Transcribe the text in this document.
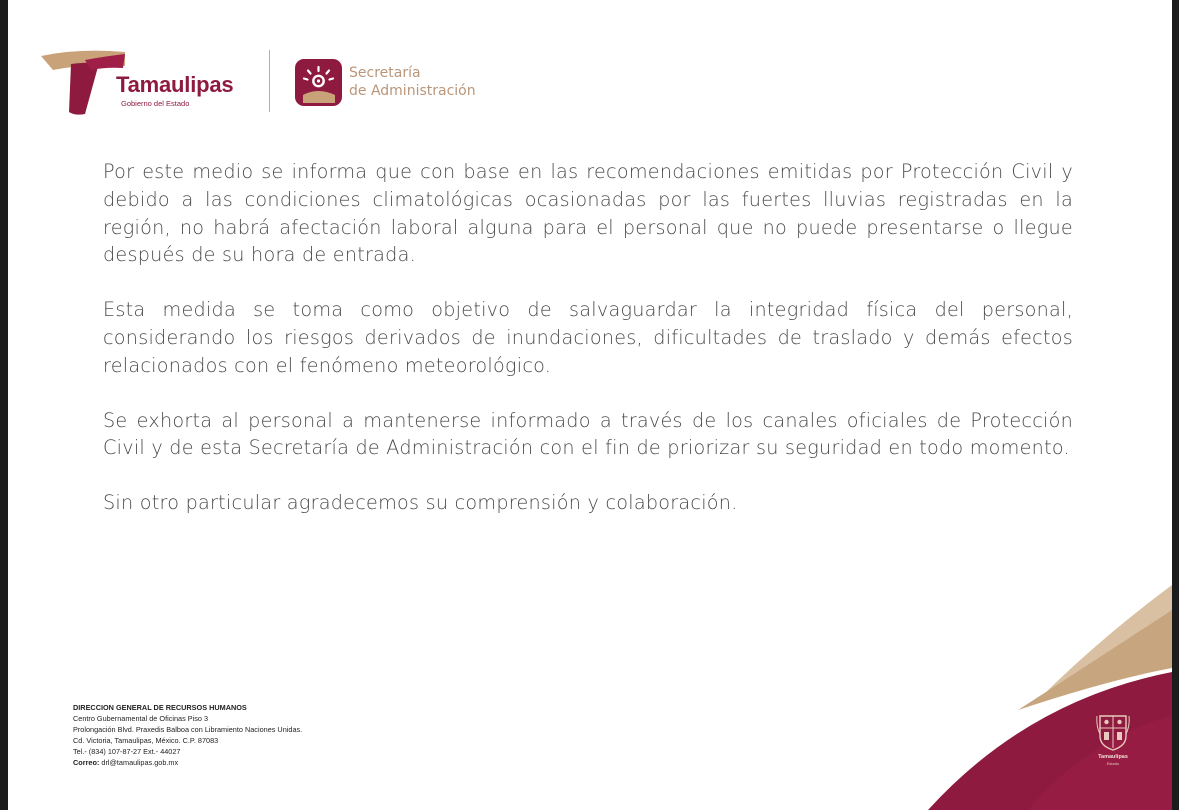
Tamaulipas
Gobierno del Estado
Secretaría
de Administración

Por este medio se informa que con base en las recomendaciones emitidas por Protección Civil y debido a las condiciones climatológicas ocasionadas por las fuertes lluvias registradas en la región, no habrá afectación laboral alguna para el personal que no puede presentarse o llegue después de su hora de entrada.

Esta medida se toma como objetivo de salvaguardar la integridad física del personal, considerando los riesgos derivados de inundaciones, dificultades de traslado y demás efectos relacionados con el fenómeno meteorológico.

Se exhorta al personal a mantenerse informado a través de los canales oficiales de Protección Civil y de esta Secretaría de Administración con el fin de priorizar su seguridad en todo momento.

Sin otro particular agradecemos su comprensión y colaboración.

DIRECCION GENERAL DE RECURSOS HUMANOS
Centro Gubernamental de Oficinas Piso 3
Prolongación Blvd. Praxedis Balboa con Libramiento Naciones Unidas.
Cd. Victoria, Tamaulipas, México. C.P. 87083
Tel.- (834) 107-87-27 Ext.- 44027
Correo: drl@tamaulipas.gob.mx
Tamaulipas
Estado
